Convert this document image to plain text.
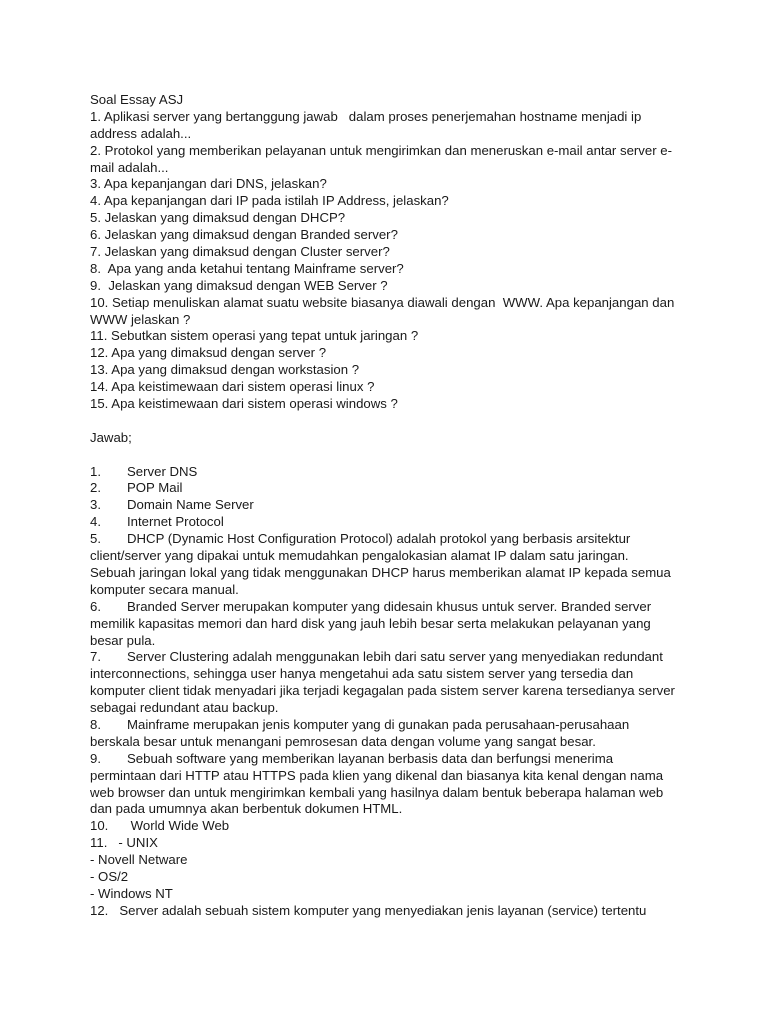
Soal Essay ASJ
1. Aplikasi server yang bertanggung jawab   dalam proses penerjemahan hostname menjadi ip
address adalah...
2. Protokol yang memberikan pelayanan untuk mengirimkan dan meneruskan e-mail antar server e-
mail adalah...
3. Apa kepanjangan dari DNS, jelaskan?
4. Apa kepanjangan dari IP pada istilah IP Address, jelaskan?
5. Jelaskan yang dimaksud dengan DHCP?
6. Jelaskan yang dimaksud dengan Branded server?
7. Jelaskan yang dimaksud dengan Cluster server?
8.  Apa yang anda ketahui tentang Mainframe server?
9.  Jelaskan yang dimaksud dengan WEB Server ?
10. Setiap menuliskan alamat suatu website biasanya diawali dengan  WWW. Apa kepanjangan dan
WWW jelaskan ?
11. Sebutkan sistem operasi yang tepat untuk jaringan ?
12. Apa yang dimaksud dengan server ?
13. Apa yang dimaksud dengan workstasion ?
14. Apa keistimewaan dari sistem operasi linux ?
15. Apa keistimewaan dari sistem operasi windows ?
Jawab;
1.	Server DNS
2.	POP Mail
3.	Domain Name Server
4.	Internet Protocol
5.	DHCP (Dynamic Host Configuration Protocol) adalah protokol yang berbasis arsitektur
client/server yang dipakai untuk memudahkan pengalokasian alamat IP dalam satu jaringan.
Sebuah jaringan lokal yang tidak menggunakan DHCP harus memberikan alamat IP kepada semua
komputer secara manual.
6.	Branded Server merupakan komputer yang didesain khusus untuk server. Branded server
memilik kapasitas memori dan hard disk yang jauh lebih besar serta melakukan pelayanan yang
besar pula.
7.	Server Clustering adalah menggunakan lebih dari satu server yang menyediakan redundant
interconnections, sehingga user hanya mengetahui ada satu sistem server yang tersedia dan
komputer client tidak menyadari jika terjadi kegagalan pada sistem server karena tersedianya server
sebagai redundant atau backup.
8.	Mainframe merupakan jenis komputer yang di gunakan pada perusahaan-perusahaan
berskala besar untuk menangani pemrosesan data dengan volume yang sangat besar.
9.	Sebuah software yang memberikan layanan berbasis data dan berfungsi menerima
permintaan dari HTTP atau HTTPS pada klien yang dikenal dan biasanya kita kenal dengan nama
web browser dan untuk mengirimkan kembali yang hasilnya dalam bentuk beberapa halaman web
dan pada umumnya akan berbentuk dokumen HTML.
10.	World Wide Web
11.   - UNIX
- Novell Netware
- OS/2
- Windows NT
12.   Server adalah sebuah sistem komputer yang menyediakan jenis layanan (service) tertentu
